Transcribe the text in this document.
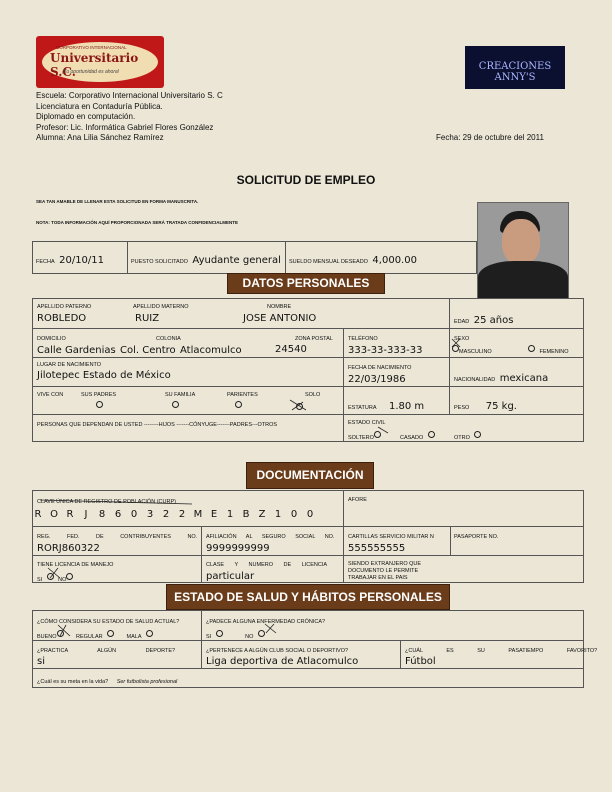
CORPORATIVO INTERNACIONAL
Universitario S.C.
¡Tu oportunidad es ahora!	CREACIONES ANNY'S
Escuela: Corporativo Internacional Universitario S. C
Licenciatura en Contaduría Pública.
Diplomado en computación.
Profesor: Lic. Informática Gabriel Flores González
Alumna: Ana Lilia Sánchez Ramírez	Fecha: 29 de octubre del 2011
SOLICITUD DE EMPLEO
SEA TAN AMABLE DE LLENAR ESTA SOLICITUD EN FORMA MANUSCRITA.
NOTA: TODA INFORMACIÓN AQUÍ PROPORCIONADA SERÁ TRATADA CONFIDENCIALMENTE
FECHA 20/10/11	PUESTO SOLICITADO Ayudante general SUELDO MENSUAL DESEADO 4,000.00
DATOS PERSONALES
APELLIDO PATERNO	APELLIDO MATERNO	NOMBRE
ROBLEDO	RUIZ	JOSE ANTONIO	EDAD 25 años
DOMICILIO	COLONIA	ZONA POSTAL
Calle Gardenias Col. Centro Atlacomulco	24540
TELÉFONO
333-33-333-33
SEXO
MASCULINO	FEMENINO
LUGAR DE NACIMIENTO
Jilotepec Estado de México
FECHA DE NACIMIENTO
22/03/1986	NACIONALIDAD mexicana
VIVE CON	SUS PADRES	SU FAMILIA	PARIENTES	SOLO
ESTATURA 1.80 m	PESO 75 kg.
PERSONAS QUE DEPENDAN DE USTED --------HIJOS -------CÓNYUGE-------PADRES---OTROS	ESTADO CIVIL
SOLTERO	CASADO	OTRO
DOCUMENTACIÓN
CLAVE ÚNICA DE REGISTRO DE POBLACIÓN (CURP)
R O R J 8 6 0 3 2 2 M E 1 B Z 1 0 0
AFORE
REG. FED. DE CONTRIBUYENTES NO.
RORJ860322
AFILIACIÓN AL SEGURO SOCIAL NO.
9999999999
CARTILLAS SERVICIO MILITAR N
555555555
PASAPORTE NO.
TIENE LICENCIA DE MANEJO
SI	NO
CLASE Y NUMERO DE LICENCIA
particular
SIENDO EXTRANJERO QUE DOCUMENTO LE PERMITE TRABAJAR EN EL PAIS
ESTADO DE SALUD Y HÁBITOS PERSONALES
¿CÓMO CONSIDERA SU ESTADO DE SALUD ACTUAL?
BUENO	REGULAR	MALA
¿PADECE ALGUNA ENFERMEDAD CRÓNICA?
SI	NO
¿PRACTICA ALGÚN DEPORTE?
si
¿PERTENECE A ALGÚN CLUB SOCIAL O DEPORTIVO?
Liga deportiva de Atlacomulco
¿CUÁL ES SU PASATIEMPO FAVORITO?
Fútbol
¿Cuál es su meta en la vida? Ser futbolista profesional
